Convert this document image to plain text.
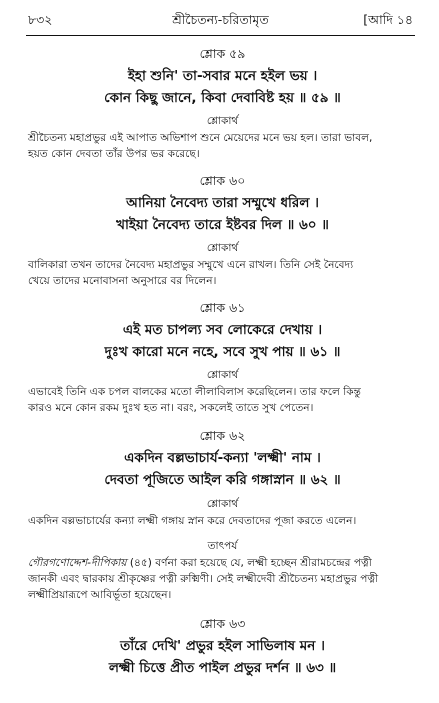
৮৩২	শ্রীচৈতন্য-চরিতামৃত	[আদি ১৪
শ্লোক ৫৯
ইহা শুনি' তা-সবার মনে হইল ভয় ।
কোন কিছু জানে, কিবা দেবাবিষ্ট হয় ॥ ৫৯ ॥
শ্লোকার্থ
শ্রীচৈতন্য মহাপ্রভুর এই আপাত অভিশাপ শুনে মেয়েদের মনে ভয় হল। তারা ভাবল,
হয়ত কোন দেবতা তাঁর উপর ভর করেছে।
শ্লোক ৬০
আনিয়া নৈবেদ্য তারা সম্মুখে ধরিল ।
খাইয়া নৈবেদ্য তারে ইষ্টবর দিল ॥ ৬০ ॥
শ্লোকার্থ
বালিকারা তখন তাদের নৈবেদ্য মহাপ্রভুর সম্মুখে এনে রাখল। তিনি সেই নৈবেদ্য
খেয়ে তাদের মনোবাসনা অনুসারে বর দিলেন।
শ্লোক ৬১
এই মত চাপল্য সব লোকেরে দেখায় ।
দুঃখ কারো মনে নহে, সবে সুখ পায় ॥ ৬১ ॥
শ্লোকার্থ
এভাবেই তিনি এক চপল বালকের মতো লীলাবিলাস করেছিলেন। তার ফলে কিন্তু
কারও মনে কোন রকম দুঃখ হত না। বরং, সকলেই তাতে সুখ পেতেন।
শ্লোক ৬২
একদিন বল্লভাচার্য-কন্যা 'লক্ষ্মী' নাম ।
দেবতা পূজিতে আইল করি গঙ্গাস্নান ॥ ৬২ ॥
শ্লোকার্থ
একদিন বল্লভাচার্যের কন্যা লক্ষ্মী গঙ্গায় স্নান করে দেবতাদের পূজা করতে এলেন।
তাৎপর্য
গৌরগণোদ্দেশ-দীপিকায় (৪৫) বর্ণনা করা হয়েছে যে, লক্ষ্মী হচ্ছেন শ্রীরামচন্দ্রের পত্নী
জানকী এবং দ্বারকায় শ্রীকৃষ্ণের পত্নী রুক্মিণী। সেই লক্ষ্মীদেবী শ্রীচৈতন্য মহাপ্রভুর পত্নী
লক্ষ্মীপ্রিয়ারূপে আবির্ভূতা হয়েছেন।
শ্লোক ৬৩
তাঁরে দেখি' প্রভুর হইল সাভিলাষ মন ।
লক্ষ্মী চিত্তে প্রীত পাইল প্রভুর দর্শন ॥ ৬৩ ॥
